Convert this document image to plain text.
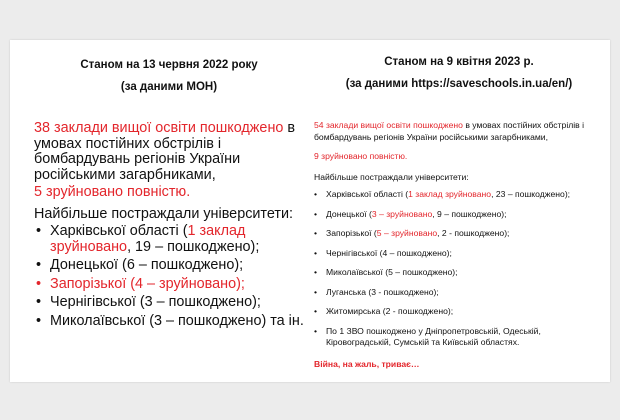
Станом на 13 червня 2022 року
(за даними МОН)

38 заклади вищої освіти пошкоджено в умовах постійних обстрілів і бомбардувань регіонів України російськими загарбниками,

5 зруйновано повністю.

Найбільше постраждали університети:

• Харківської області (1 заклад зруйновано, 19 – пошкоджено);
• Донецької (6 – пошкоджено);
• Запорізької (4 – зруйновано);
• Чернігівської (3 – пошкоджено);
• Миколаївської (3 – пошкоджено) та ін.
Станом на 9 квітня 2023 р.
(за даними https://saveschools.in.ua/en/)

54 заклади вищої освіти пошкоджено в умовах постійних обстрілів і бомбардувань регіонів України російськими загарбниками,

9 зруйновано повністю.

Найбільше постраждали університети:

• Харківської області (1 заклад зруйновано, 23 – пошкоджено);
• Донецької (3 – зруйновано, 9 – пошкоджено);
• Запорізької (5 – зруйновано, 2 - пошкоджено);
• Чернігівської (4 – пошкоджено);
• Миколаївської (5 – пошкоджено);
• Луганська (3 - пошкоджено);
• Житомирська (2 - пошкоджено);
• По 1 ЗВО пошкоджено у Дніпропетровській, Одеській, Кіровоградській, Сумській та Київській областях.
Війна, на жаль, триває…
